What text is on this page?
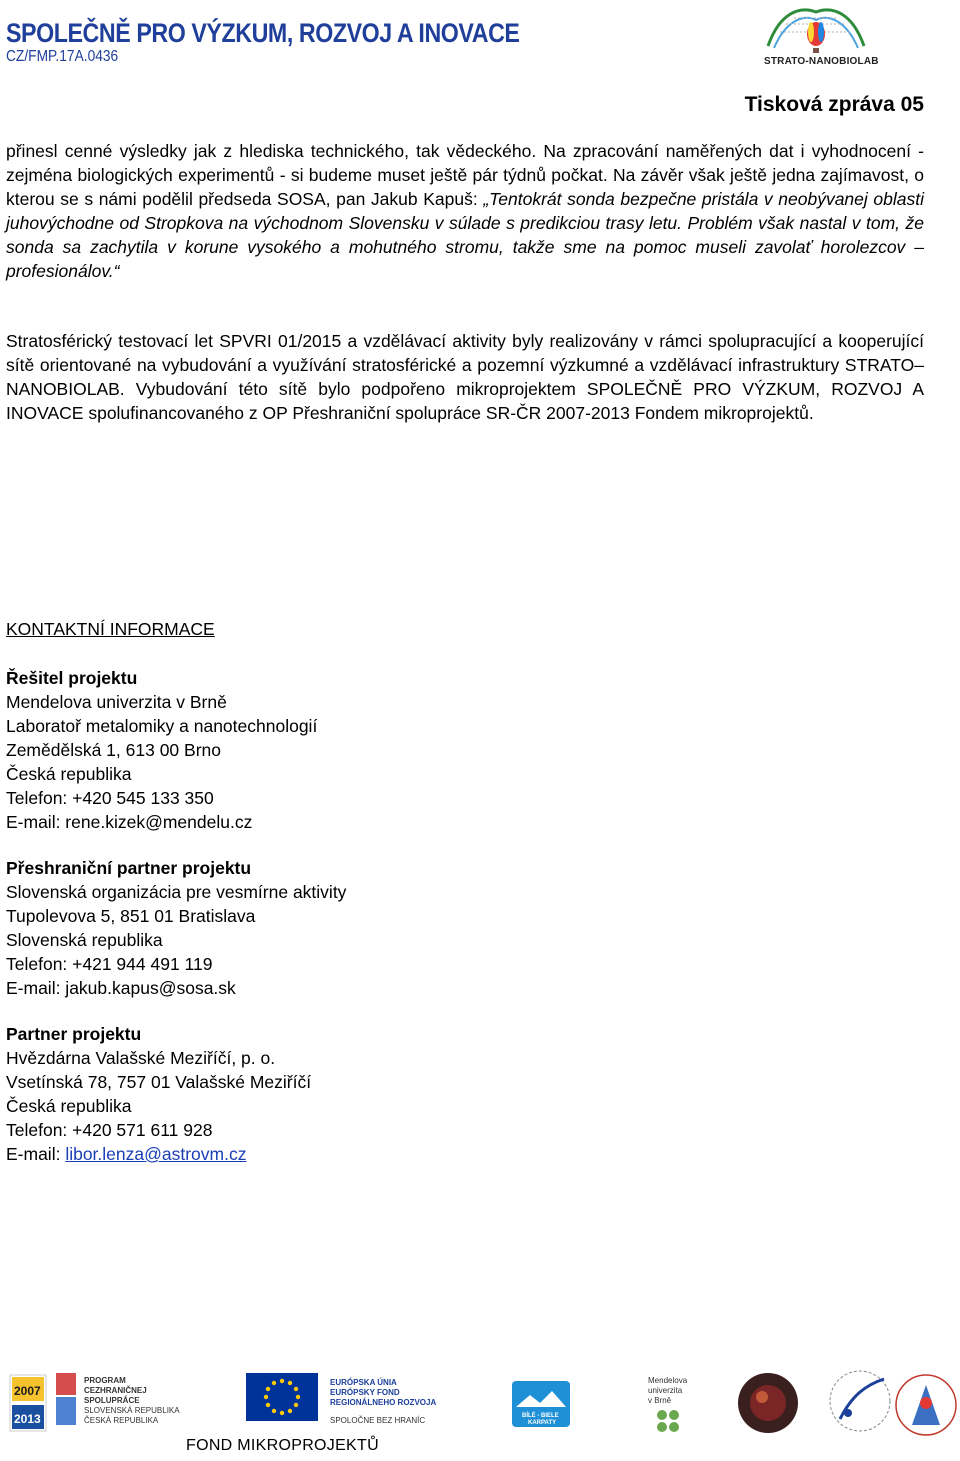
SPOLEČNĚ PRO VÝZKUM, ROZVOJ A INOVACE
CZ/FMP.17A.0436	STRATO-NANOBIOLAB
Tisková zpráva 05
přinesl cenné výsledky jak z hlediska technického, tak vědeckého. Na zpracování naměřených dat i vyhodnocení - zejména biologických experimentů - si budeme muset ještě pár týdnů počkat. Na závěr však ještě jedna zajímavost, o kterou se s námi podělil předseda SOSA, pan Jakub Kapuš: „Tentokrát sonda bezpečne pristála v neobývanej oblasti juhovýchodne od Stropkova na východnom Slovensku v súlade s predikciou trasy letu. Problém však nastal v tom, že sonda sa zachytila v korune vysokého a mohutného stromu, takže sme na pomoc museli zavolať horolezcov – profesionálov.“
Stratosférický testovací let SPVRI 01/2015 a vzdělávací aktivity byly realizovány v rámci spolupracující a kooperující sítě orientované na vybudování a využívání stratosférické a pozemní výzkumné a vzdělávací infrastruktury STRATO–NANOBIOLAB. Vybudování této sítě bylo podpořeno mikroprojektem SPOLEČNĚ PRO VÝZKUM, ROZVOJ A INOVACE spolufinancovaného z OP Přeshraniční spolupráce SR-ČR 2007-2013 Fondem mikroprojektů.
KONTAKTNÍ INFORMACE
Řešitel projektu
Mendelova univerzita v Brně
Laboratoř metalomiky a nanotechnologií
Zemědělská 1, 613 00 Brno
Česká republika
Telefon: +420 545 133 350
E-mail: rene.kizek@mendelu.cz
Přeshraniční partner projektu
Slovenská organizácia pre vesmírne aktivity
Tupolevova 5, 851 01 Bratislava
Slovenská republika
Telefon: +421 944 491 119
E-mail: jakub.kapus@sosa.sk
Partner projektu
Hvězdárna Valašské Meziříčí, p. o.
Vsetínská 78, 757 01 Valašské Meziříčí
Česká republika
Telefon: +420 571 611 928
E-mail: libor.lenza@astrovm.cz
2007
2013
PROGRAM
CEZHRANIČNEJ
SPOLUPRÁCE
SLOVENSKÁ REPUBLIKA
ČESKÁ REPUBLIKA
EURÓPSKA ÚNIA
EURÓPSKY FOND
REGIONÁLNEHO ROZVOJA
SPOLOČNE BEZ HRANÍC	BÍLÉ - BIELE
KARPATY
Mendelova
univerzita
v Brně
FOND MIKROPROJEKTŮ
